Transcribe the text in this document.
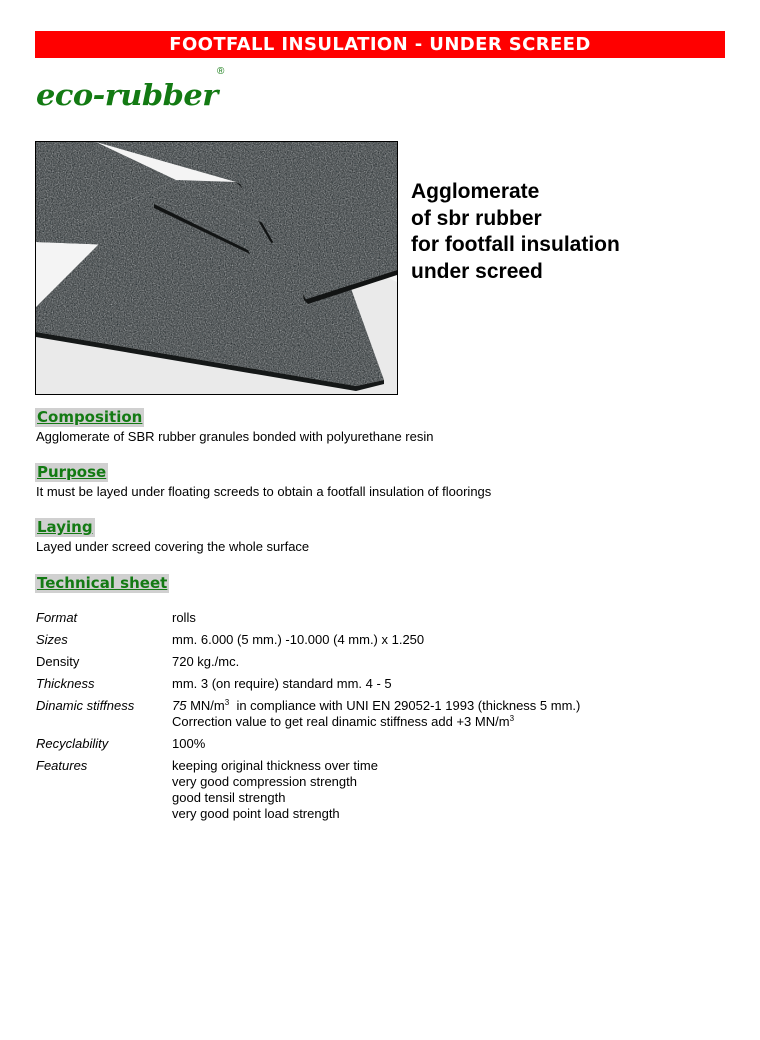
FOOTFALL INSULATION - UNDER SCREED
eco-rubber
®
Agglomerate
of sbr rubber
for footfall insulation
under screed
Composition
Agglomerate of SBR rubber granules bonded with polyurethane resin
Purpose
It must be layed under floating screeds to obtain a footfall insulation of floorings
Laying
Layed under screed covering the whole surface
Technical sheet
Format	rolls
Sizes	mm. 6.000 (5 mm.) -10.000 (4 mm.) x 1.250
Density	720 kg./mc.
Thickness	mm. 3 (on require) standard mm. 4 - 5
Dinamic stiffness	75 $MN/m^3$  in compliance with UNI EN 29052-1 1993 (thickness 5 mm.)
Correction value to get real dinamic stiffness add +3 $MN/m^3$
Recyclability	100%
Features	keeping original thickness over time
very good compression strength
good tensil strength
very good point load strength
